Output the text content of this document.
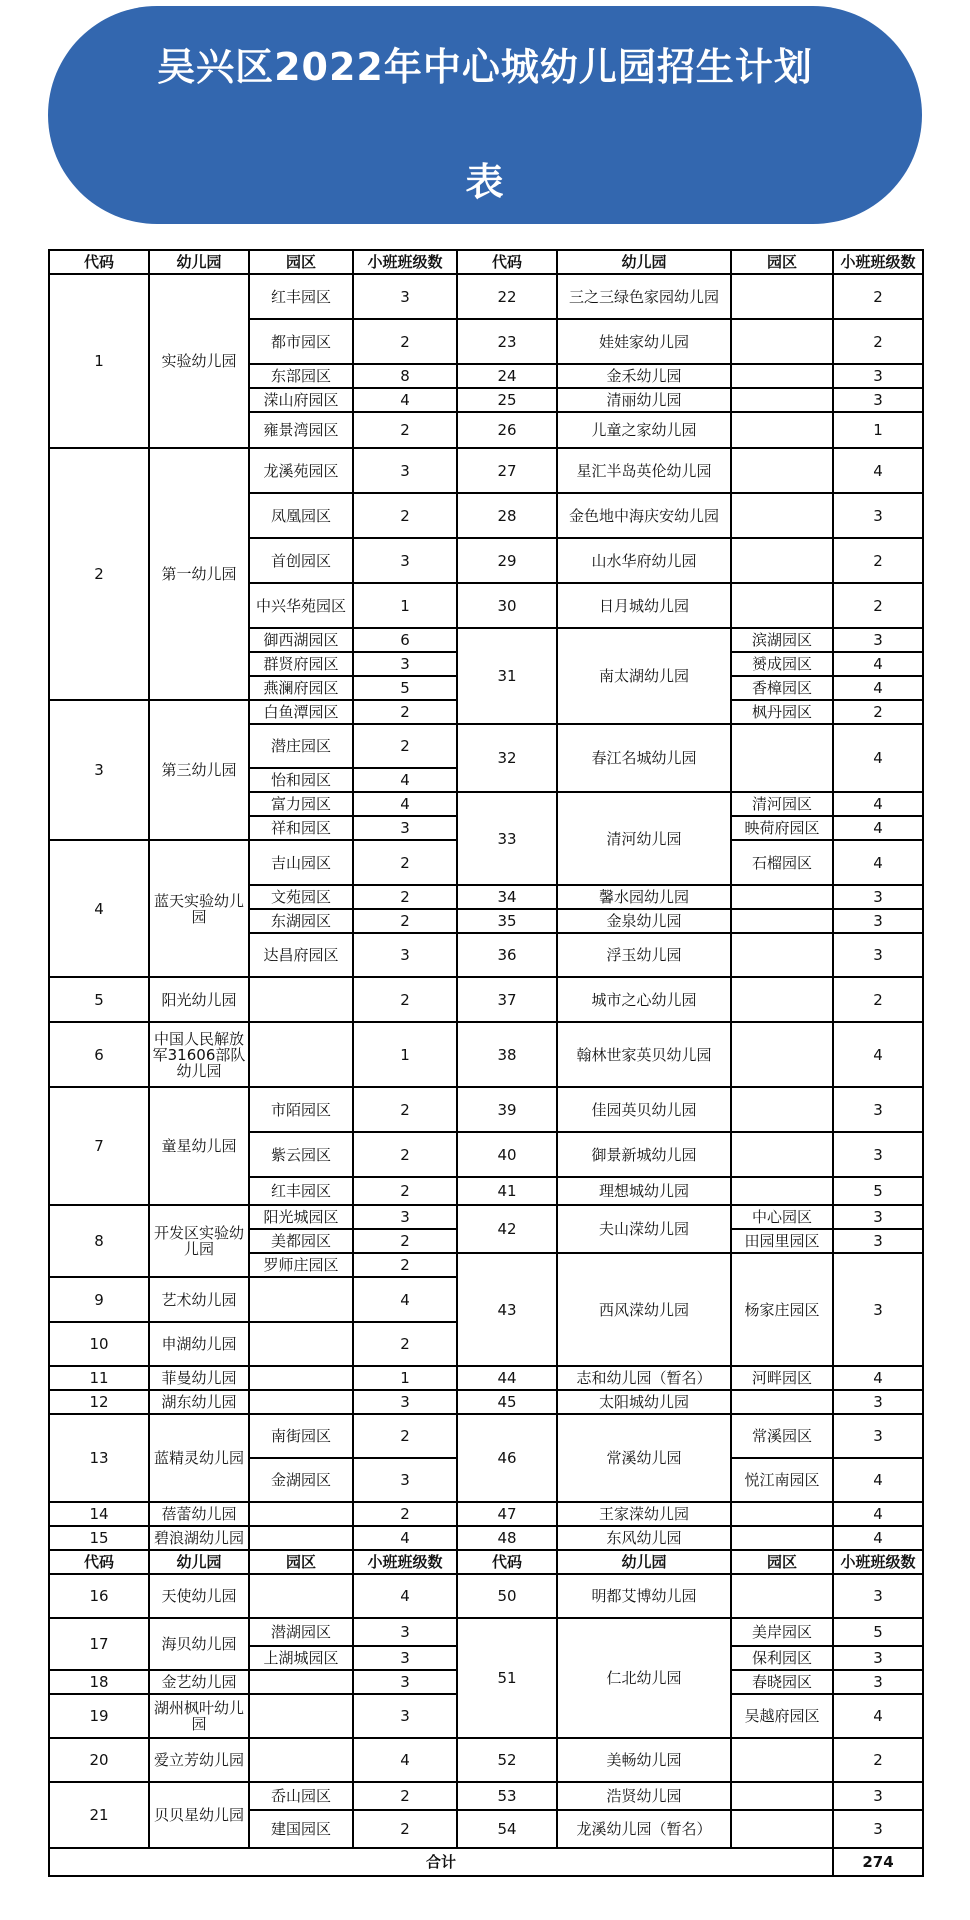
吴兴区2022年中心城幼儿园招生计划
表
代码	幼儿园	园区	小班班级数	代码	幼儿园	园区	小班班级数
1	实验幼儿园	红丰园区	3	22	三之三绿色家园幼儿园		2
		都市园区	2	23	娃娃家幼儿园		2
		东部园区	8	24	金禾幼儿园		3
		溁山府园区	4	25	清丽幼儿园		3
		雍景湾园区	2	26	儿童之家幼儿园		1
2	第一幼儿园	龙溪苑园区	3	27	星汇半岛英伦幼儿园		4
		凤凰园区	2	28	金色地中海庆安幼儿园		3
		首创园区	3	29	山水华府幼儿园		2
		中兴华苑园区	1	30	日月城幼儿园		2
		御西湖园区	6	31	南太湖幼儿园	滨湖园区	3
		群贤府园区	3			赟成园区	4
		燕澜府园区	5			香樟园区	4
3	第三幼儿园	白鱼潭园区	2			枫丹园区	2
		潜庄园区	2	32	春江名城幼儿园		4
		怡和园区	4				
		富力园区	4	33	清河幼儿园	清河园区	4
		祥和园区	3			映荷府园区	4
4	蓝天实验幼儿园	吉山园区	2			石榴园区	4
		文苑园区	2	34	馨水园幼儿园		3
		东湖园区	2	35	金泉幼儿园		3
		达昌府园区	3	36	浮玉幼儿园		3
5	阳光幼儿园		2	37	城市之心幼儿园		2
6	中国人民解放军31606部队幼儿园		1	38	翰林世家英贝幼儿园		4
7	童星幼儿园	市陌园区	2	39	佳园英贝幼儿园		3
		紫云园区	2	40	御景新城幼儿园		3
		红丰园区	2	41	理想城幼儿园		5
8	开发区实验幼儿园	阳光城园区	3	42	夫山溁幼儿园	中心园区	3
		美都园区	2			田园里园区	3
		罗师庄园区	2	43	西风溁幼儿园	杨家庄园区	3
9	艺术幼儿园		4				
10	申湖幼儿园		2				
11	菲曼幼儿园		1	44	志和幼儿园（暂名）	河畔园区	4
12	湖东幼儿园		3	45	太阳城幼儿园		3
13	蓝精灵幼儿园	南街园区	2	46	常溪幼儿园	常溪园区	3
		金湖园区	3			悦江南园区	4
14	蓓蕾幼儿园		2	47	王家溁幼儿园		4
15	碧浪湖幼儿园		4	48	东风幼儿园		4
代码	幼儿园	园区	小班班级数	代码	幼儿园	园区	小班班级数
16	天使幼儿园		4	50	明都艾博幼儿园		3
17	海贝幼儿园	潜湖园区	3	51	仁北幼儿园	美岸园区	5
		上湖城园区	3			保利园区	3
18	金艺幼儿园		3			春晓园区	3
19	湖州枫叶幼儿园		3			吴越府园区	4
20	爱立芳幼儿园		4	52	美畅幼儿园		2
21	贝贝星幼儿园	岙山园区	2	53	浩贤幼儿园		3
		建国园区	2	54	龙溪幼儿园（暂名）		3
合计							274
